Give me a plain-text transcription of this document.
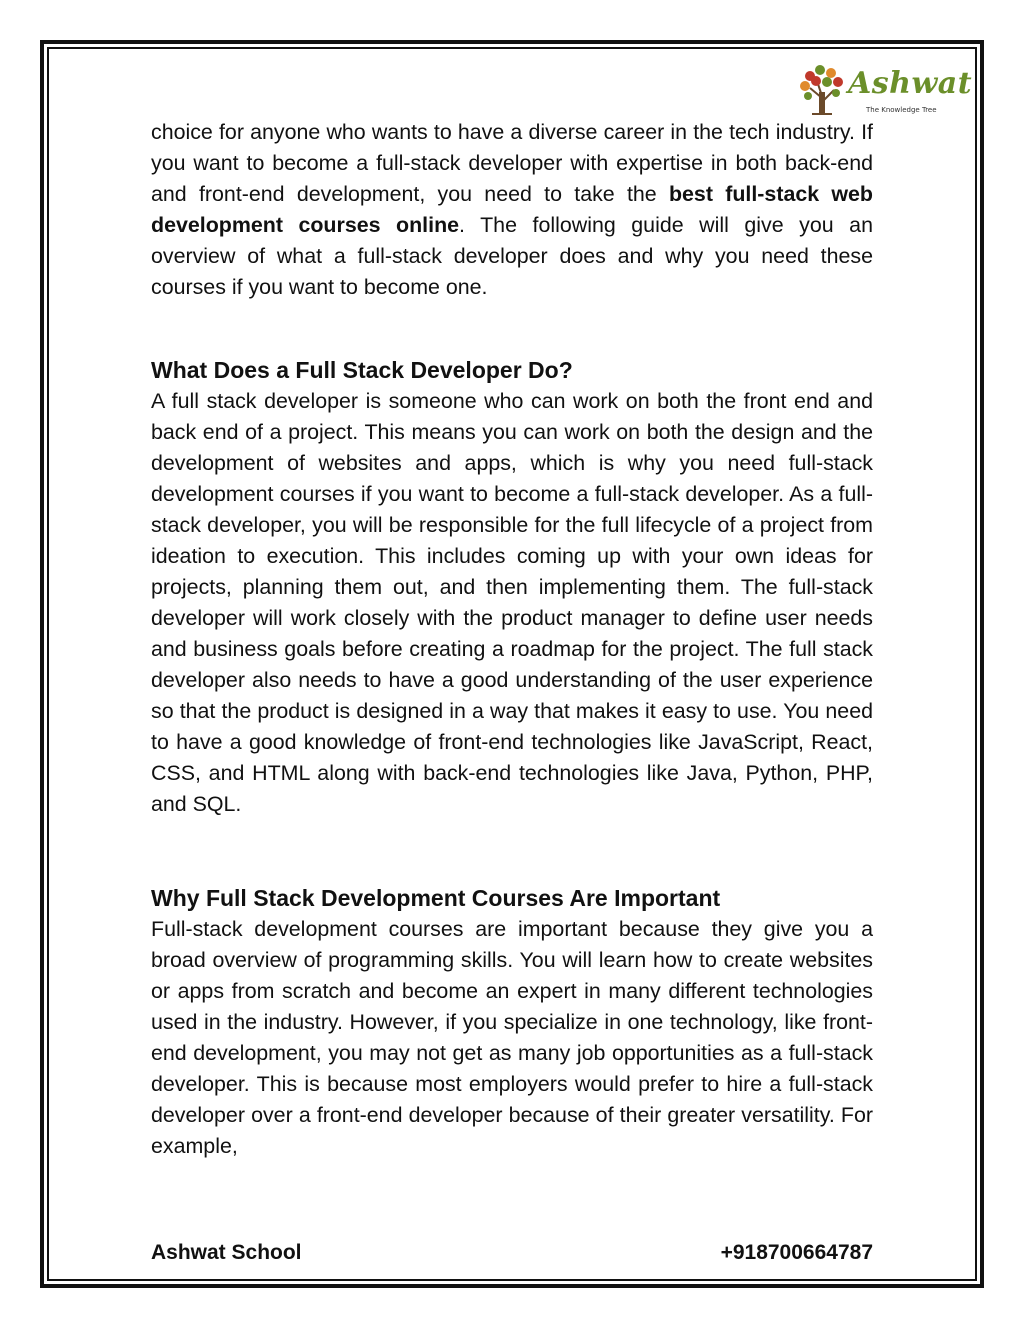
Ashwat
The Knowledge Tree

choice for anyone who wants to have a diverse career in the tech industry. If you want to become a full-stack developer with expertise in both back-end and front-end development, you need to take the best full-stack web development courses online. The following guide will give you an overview of what a full-stack developer does and why you need these courses if you want to become one.

What Does a Full Stack Developer Do?

A full stack developer is someone who can work on both the front end and back end of a project. This means you can work on both the design and the development of websites and apps, which is why you need full-stack development courses if you want to become a full-stack developer. As a full-stack developer, you will be responsible for the full lifecycle of a project from ideation to execution. This includes coming up with your own ideas for projects, planning them out, and then implementing them. The full-stack developer will work closely with the product manager to define user needs and business goals before creating a roadmap for the project. The full stack developer also needs to have a good understanding of the user experience so that the product is designed in a way that makes it easy to use. You need to have a good knowledge of front-end technologies like JavaScript, React, CSS, and HTML along with back-end technologies like Java, Python, PHP, and SQL.

Why Full Stack Development Courses Are Important

Full-stack development courses are important because they give you a broad overview of programming skills. You will learn how to create websites or apps from scratch and become an expert in many different technologies used in the industry. However, if you specialize in one technology, like front-end development, you may not get as many job opportunities as a full-stack developer. This is because most employers would prefer to hire a full-stack developer over a front-end developer because of their greater versatility. For example,

Ashwat School	+918700664787
